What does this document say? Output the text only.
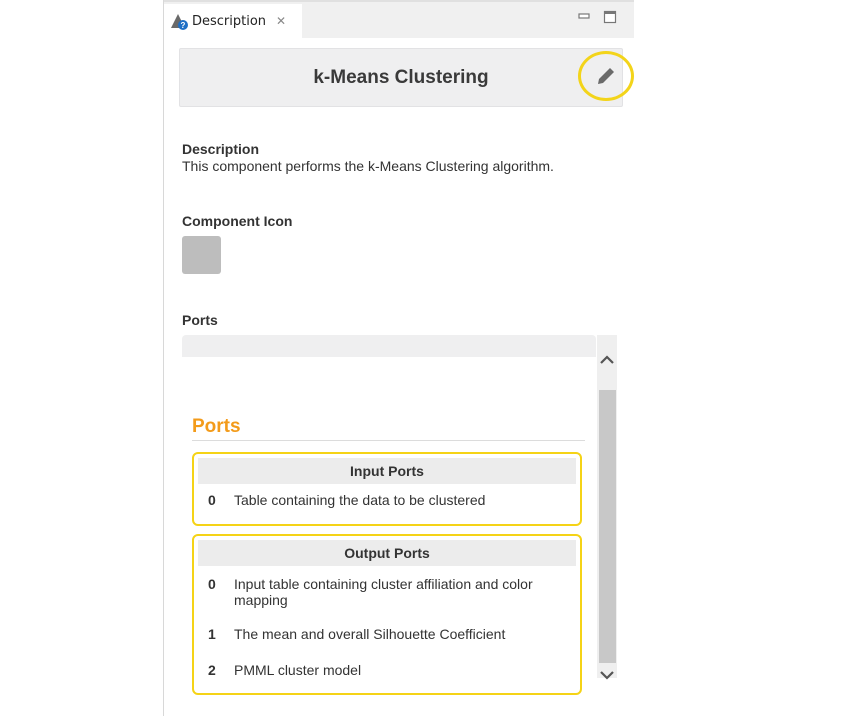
? Description ✕
k-Means Clustering
Description
This component performs the k-Means Clustering algorithm.
Component Icon
Ports
Ports
Input Ports
0	Table containing the data to be clustered
Output Ports
0	Input table containing cluster affiliation and color mapping
1	The mean and overall Silhouette Coefficient
2	PMML cluster model
